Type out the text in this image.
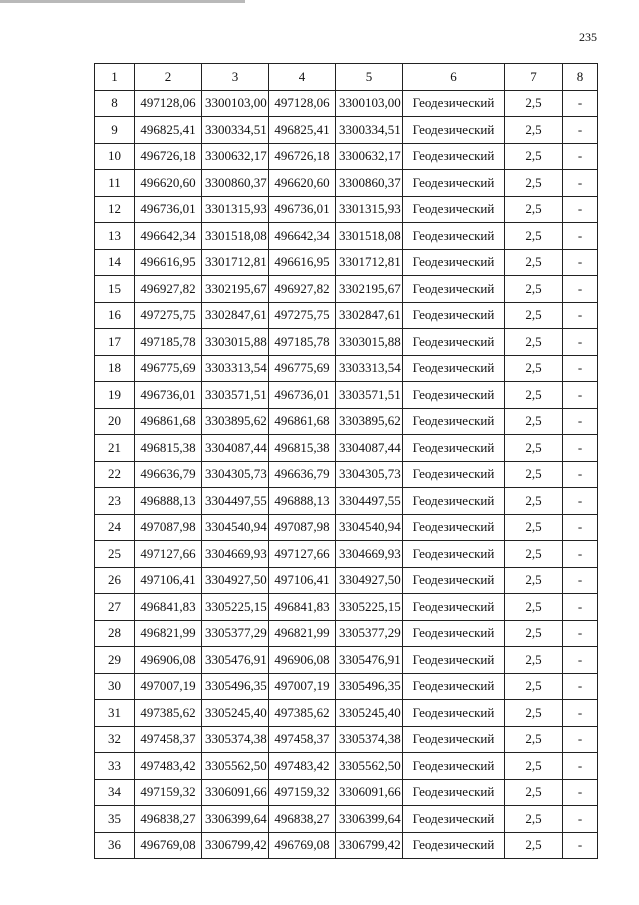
235
1	2	3	4	5	6	7	8
8	497128,06	3300103,00	497128,06	3300103,00	Геодезический	2,5	-
9	496825,41	3300334,51	496825,41	3300334,51	Геодезический	2,5	-
10	496726,18	3300632,17	496726,18	3300632,17	Геодезический	2,5	-
11	496620,60	3300860,37	496620,60	3300860,37	Геодезический	2,5	-
12	496736,01	3301315,93	496736,01	3301315,93	Геодезический	2,5	-
13	496642,34	3301518,08	496642,34	3301518,08	Геодезический	2,5	-
14	496616,95	3301712,81	496616,95	3301712,81	Геодезический	2,5	-
15	496927,82	3302195,67	496927,82	3302195,67	Геодезический	2,5	-
16	497275,75	3302847,61	497275,75	3302847,61	Геодезический	2,5	-
17	497185,78	3303015,88	497185,78	3303015,88	Геодезический	2,5	-
18	496775,69	3303313,54	496775,69	3303313,54	Геодезический	2,5	-
19	496736,01	3303571,51	496736,01	3303571,51	Геодезический	2,5	-
20	496861,68	3303895,62	496861,68	3303895,62	Геодезический	2,5	-
21	496815,38	3304087,44	496815,38	3304087,44	Геодезический	2,5	-
22	496636,79	3304305,73	496636,79	3304305,73	Геодезический	2,5	-
23	496888,13	3304497,55	496888,13	3304497,55	Геодезический	2,5	-
24	497087,98	3304540,94	497087,98	3304540,94	Геодезический	2,5	-
25	497127,66	3304669,93	497127,66	3304669,93	Геодезический	2,5	-
26	497106,41	3304927,50	497106,41	3304927,50	Геодезический	2,5	-
27	496841,83	3305225,15	496841,83	3305225,15	Геодезический	2,5	-
28	496821,99	3305377,29	496821,99	3305377,29	Геодезический	2,5	-
29	496906,08	3305476,91	496906,08	3305476,91	Геодезический	2,5	-
30	497007,19	3305496,35	497007,19	3305496,35	Геодезический	2,5	-
31	497385,62	3305245,40	497385,62	3305245,40	Геодезический	2,5	-
32	497458,37	3305374,38	497458,37	3305374,38	Геодезический	2,5	-
33	497483,42	3305562,50	497483,42	3305562,50	Геодезический	2,5	-
34	497159,32	3306091,66	497159,32	3306091,66	Геодезический	2,5	-
35	496838,27	3306399,64	496838,27	3306399,64	Геодезический	2,5	-
36	496769,08	3306799,42	496769,08	3306799,42	Геодезический	2,5	-
